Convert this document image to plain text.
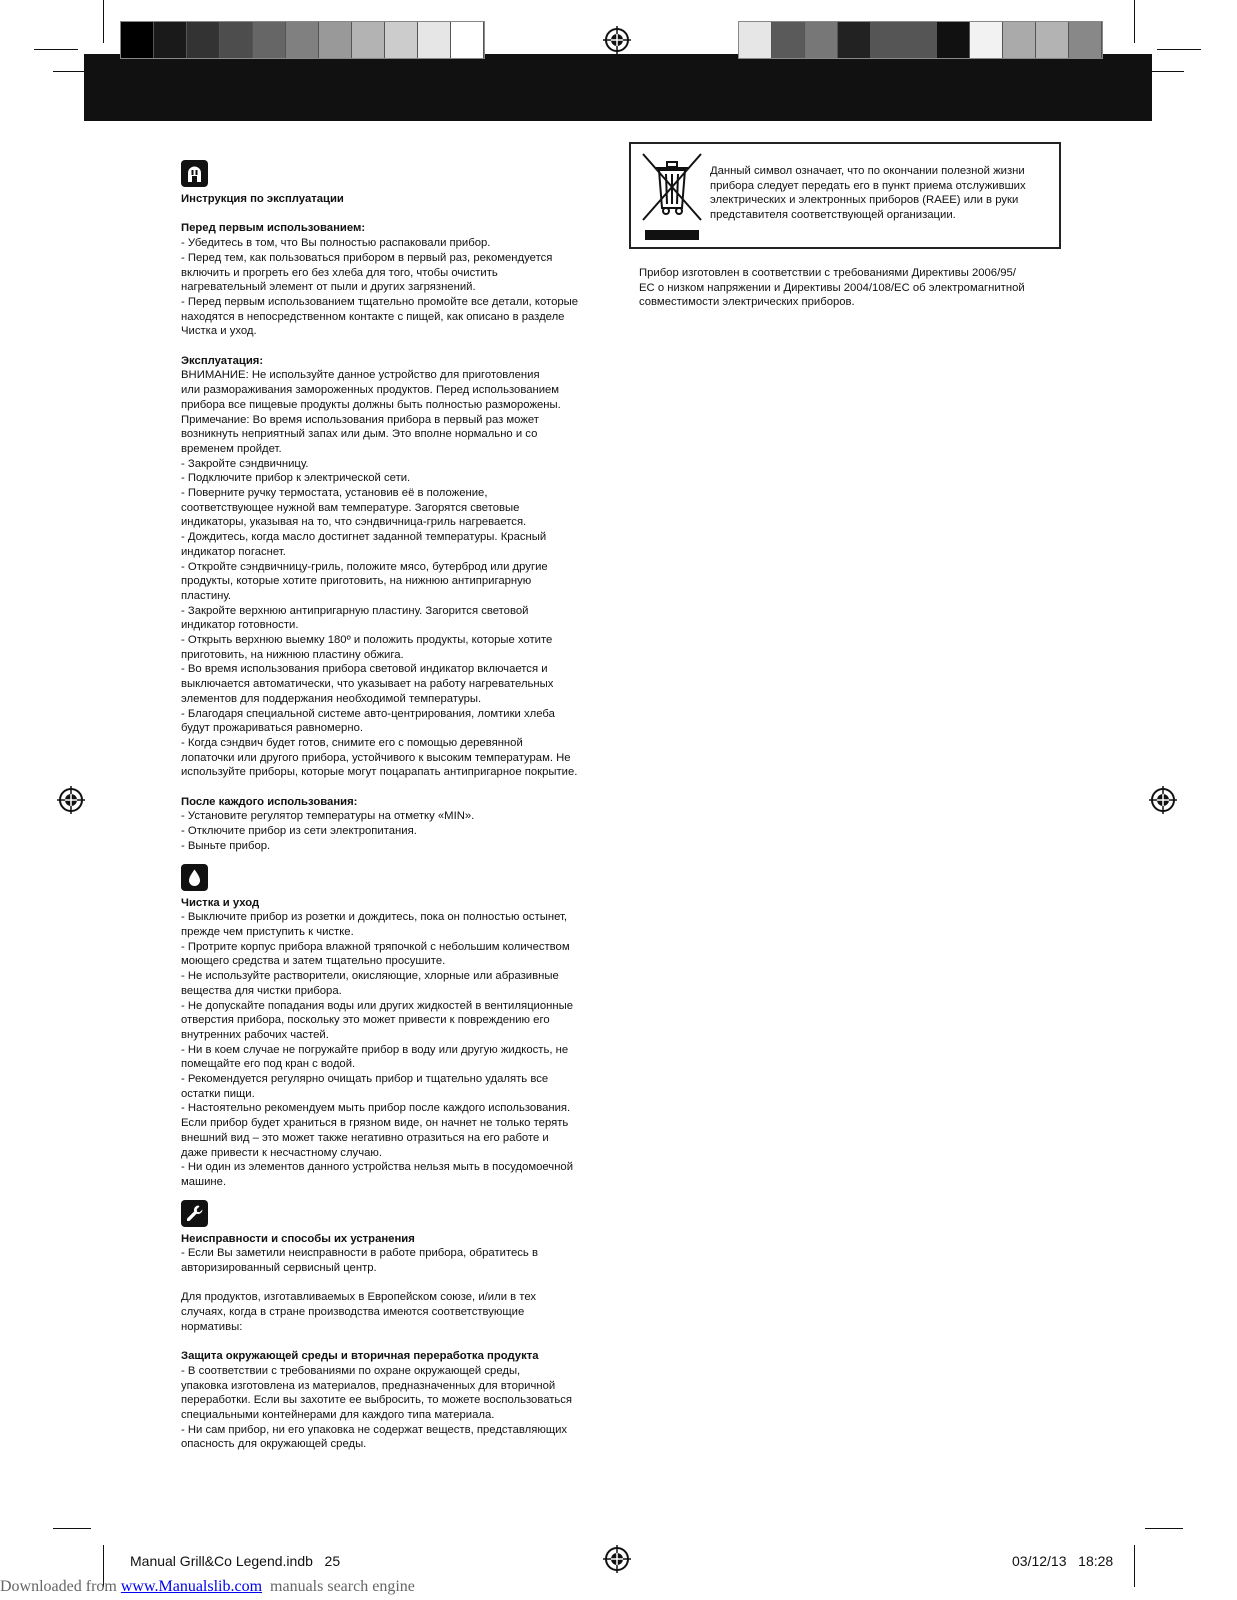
Инструкция по эксплуатации

Перед первым использованием:

- Убедитесь в том, что Вы полностью распаковали прибор.

- Перед тем, как пользоваться прибором в первый раз, рекомендуется

включить и прогреть его без хлеба для того, чтобы очистить

нагревательный элемент от пыли и других загрязнений.

- Перед первым использованием тщательно промойте все детали, которые

находятся в непосредственном контакте с пищей, как описано в разделе

Чистка и уход.

Эксплуатация:

ВНИМАНИЕ: Не используйте данное устройство для приготовления

или размораживания замороженных продуктов. Перед использованием

прибора все пищевые продукты должны быть полностью разморожены.

Примечание: Во время использования прибора в первый раз может

возникнуть неприятный запах или дым. Это вполне нормально и со

временем пройдет.

- Закройте сэндвичницу.

- Подключите прибор к электрической сети.

- Поверните ручку термостата, установив её в положение,

соответствующее нужной вам температуре. Загорятся световые

индикаторы, указывая на то, что сэндвичница-гриль нагревается.

- Дождитесь, когда масло достигнет заданной температуры. Красный

индикатор погаснет.

- Откройте сэндвичницу-гриль, положите мясо, бутерброд или другие

продукты, которые хотите приготовить, на нижнюю антипригарную

пластину.

- Закройте верхнюю антипригарную пластину. Загорится световой

индикатор готовности.

- Открыть верхнюю выемку 180º и положить продукты, которые хотите

приготовить, на нижнюю пластину обжига.

- Во время использования прибора световой индикатор включается и

выключается автоматически, что указывает на работу нагревательных

элементов для поддержания необходимой температуры.

- Благодаря специальной системе авто-центрирования, ломтики хлеба

будут прожариваться равномерно.

- Когда сэндвич будет готов, снимите его с помощью деревянной

лопаточки или другого прибора, устойчивого к высоким температурам. Не

используйте приборы, которые могут поцарапать антипригарное покрытие.

После каждого использования:

- Установите регулятор температуры на отметку «MIN».

- Отключите прибор из сети электропитания.

- Выньте прибор.

Чистка и уход

- Выключите прибор из розетки и дождитесь, пока он полностью остынет,

прежде чем приступить к чистке.

- Протрите корпус прибора влажной тряпочкой с небольшим количеством

моющего средства и затем тщательно просушите.

- Не используйте растворители, окисляющие, хлорные или абразивные

вещества для чистки прибора.

- Не допускайте попадания воды или других жидкостей в вентиляционные

отверстия прибора, поскольку это может привести к повреждению его

внутренних рабочих частей.

- Ни в коем случае не погружайте прибор в воду или другую жидкость, не

помещайте его под кран с водой.

- Рекомендуется регулярно очищать прибор и тщательно удалять все

остатки пищи.

- Настоятельно рекомендуем мыть прибор после каждого использования.

Если прибор будет храниться в грязном виде, он начнет не только терять

внешний вид – это может также негативно отразиться на его работе и

даже привести к несчастному случаю.

- Ни один из элементов данного устройства нельзя мыть в посудомоечной

машине.

Неисправности и способы их устранения

- Если Вы заметили неисправности в работе прибора, обратитесь в

авторизированный сервисный центр.

Для продуктов, изготавливаемых в Европейском союзе, и/или в тех

случаях, когда в стране производства имеются соответствующие

нормативы:

Защита окружающей среды и вторичная переработка продукта

- В соответствии с требованиями по охране окружающей среды,

упаковка изготовлена из материалов, предназначенных для вторичной

переработки. Если вы захотите ее выбросить, то можете воспользоваться

специальными контейнерами для каждого типа материала.

- Ни сам прибор, ни его упаковка не содержат веществ, представляющих

опасность для окружающей среды.

Данный символ означает, что по окончании полезной жизни

прибора следует передать его в пункт приема отслуживших

электрических и электронных приборов (RAEE) или в руки

представителя соответствующей организации.

Прибор изготовлен в соответствии с требованиями Директивы 2006/95/

EC о низком напряжении и Директивы 2004/108/EC об электромагнитной

совместимости электрических приборов.

Manual Grill&Co Legend.indb   25	03/12/13   18:28
Downloaded from www.Manualslib.com  manuals search engine
